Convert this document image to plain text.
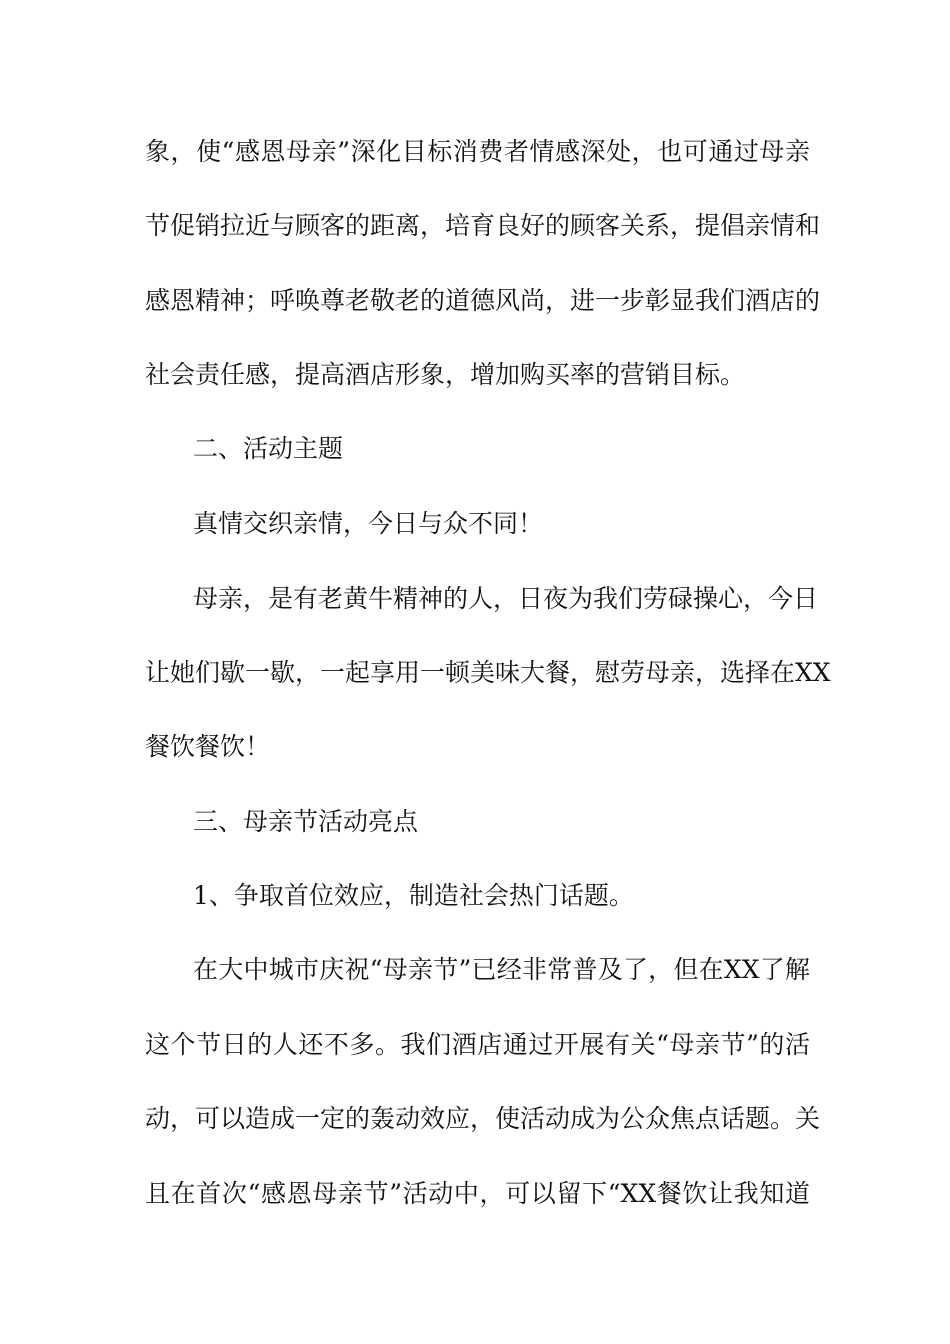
象，使“感恩母亲”深化目标消费者情感深处，也可通过母亲
节促销拉近与顾客的距离，培育良好的顾客关系，提倡亲情和
感恩精神；呼唤尊老敬老的道德风尚，进一步彰显我们酒店的
社会责任感，提高酒店形象，增加购买率的营销目标。
二、活动主题
真情交织亲情，今日与众不同！
母亲，是有老黄牛精神的人，日夜为我们劳碌操心，今日
让她们歇一歇，一起享用一顿美味大餐，慰劳母亲，选择在XX
餐饮餐饮！
三、母亲节活动亮点
1、争取首位效应，制造社会热门话题。
在大中城市庆祝“母亲节”已经非常普及了，但在XX了解
这个节日的人还不多。我们酒店通过开展有关“母亲节”的活
动，可以造成一定的轰动效应，使活动成为公众焦点话题。关
且在首次“感恩母亲节”活动中，可以留下“XX餐饮让我知道
